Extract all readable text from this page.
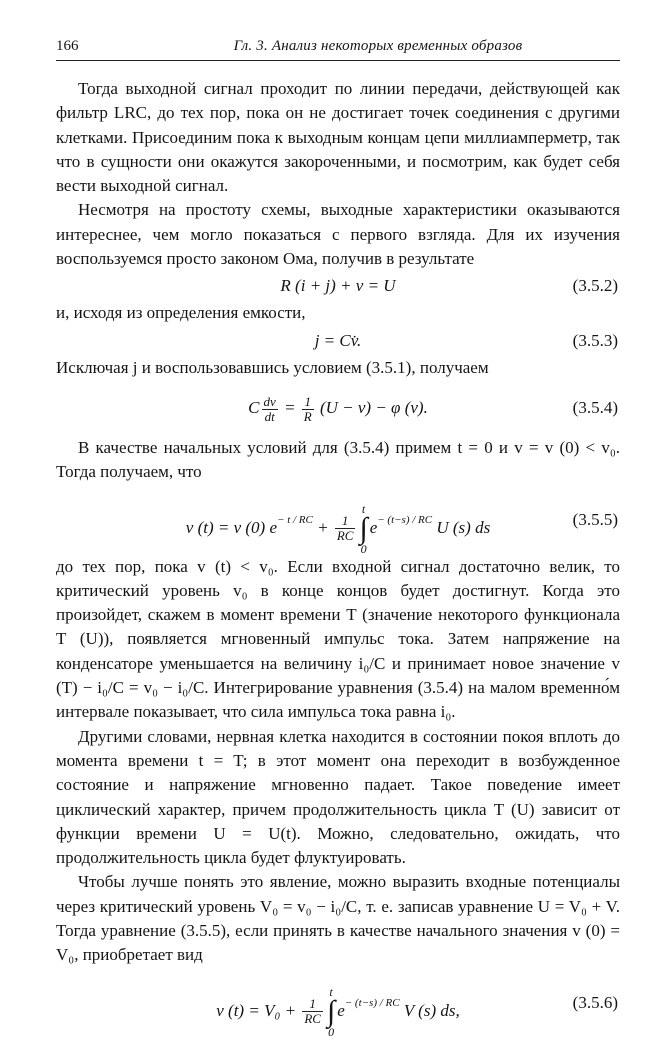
166	Гл. 3. Анализ некоторых временных образов

Тогда выходной сигнал проходит по линии передачи, действующей как фильтр LRC, до тех пор, пока он не достигает точек соединения с другими клетками. Присоединим пока к выходным концам цепи миллиамперметр, так что в сущности они окажутся закороченными, и посмотрим, как будет себя вести выходной сигнал.

Несмотря на простоту схемы, выходные характеристики оказываются интереснее, чем могло показаться с первого взгляда. Для их изучения воспользуемся просто законом Ома, получив в результате

R (i + j) + v = U	(3.5.2)

и, исходя из определения емкости,

j = Cv̇.	(3.5.3)

Исключая j и воспользовавшись условием (3.5.1), получаем

C $\frac{dv}{dt} = \frac{1}{R} (U - v) - \varphi$ (v).	(3.5.4)

В качестве начальных условий для (3.5.4) примем t = 0 и v = v (0) < v₀. Тогда получаем, что

v (t) = v (0) $e^{- t / RC} + \frac{1}{RC}$
t
∫
$0e^{- (t-s) / RC}$ U (s) ds	(3.5.5)

до тех пор, пока v (t) < v₀. Если входной сигнал достаточно велик, то критический уровень v₀ в конце концов будет достигнут. Когда это произойдет, скажем в момент времени T (значение некоторого функционала T (U)), появляется мгновенный импульс тока. Затем напряжение на конденсаторе уменьшается на величину i₀/C и принимает новое значение v (T) − i₀/C = v₀ − i₀/C. Интегрирование уравнения (3.5.4) на малом временно́м интервале показывает, что сила импульса тока равна i₀.

Другими словами, нервная клетка находится в состоянии покоя вплоть до момента времени t = T; в этот момент она переходит в возбужденное состояние и напряжение мгновенно падает. Такое поведение имеет циклический характер, причем продолжительность цикла T (U) зависит от функции времени U = U(t). Можно, следовательно, ожидать, что продолжительность цикла будет флуктуировать.

Чтобы лучше понять это явление, можно выразить входные потенциалы через критический уровень V₀ = v₀ − i₀/C, т. е. записав уравнение U = V₀ + V. Тогда уравнение (3.5.5), если принять в качестве начального значения v (0) = V₀, приобретает вид

v $(t) = V_0 + \frac{1}{RC}$
t
∫
$0e^{- (t-s) / RC}$ V (s) ds,	(3.5.6)
